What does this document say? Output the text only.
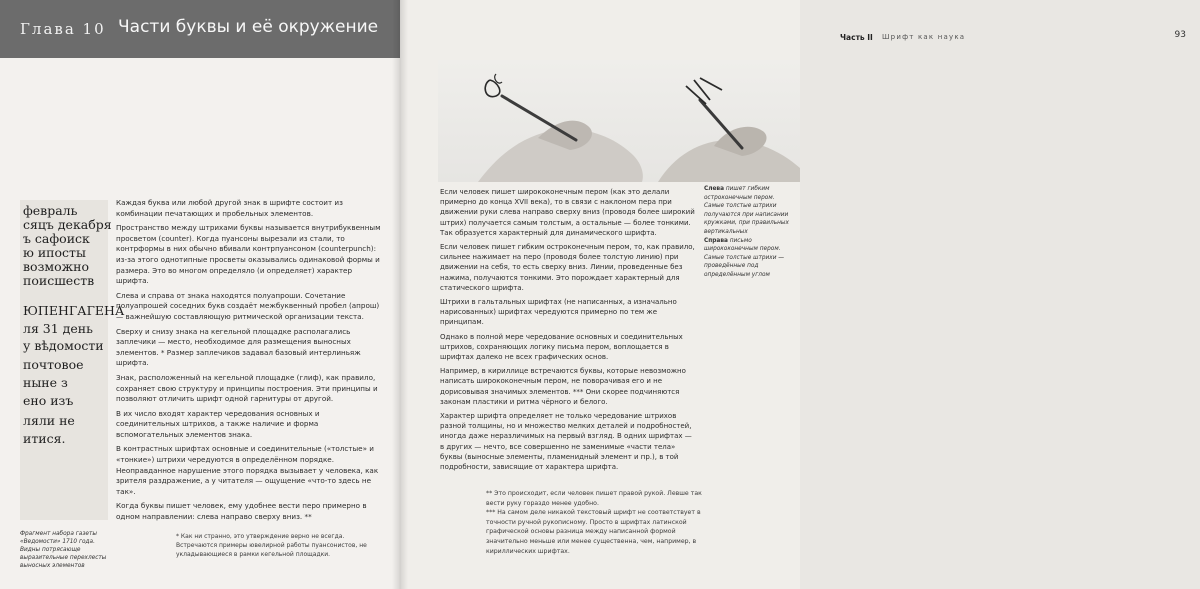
Глава 10 Части буквы и её окружение
февраль
сяцъ декабря
ъ сафоиск
ю ипосты
возможно
поисшеств
ЮПЕНГАГЕНА
ля 31 день
у вѣдомости
почтовое
ныне з
ено изъ
ляли не
итися.
Фрагмент набора газеты «Ведомости» 1710 года. Видны потрясающе выразительные перехлесты выносных элементов

Каждая буква или любой другой знак в шрифте состоит из комбинации печатающих и пробельных элементов.

Пространство между штрихами буквы называется внутрибуквенным просветом (counter). Когда пуансоны вырезали из стали, то контрформы в них обычно вбивали контрпуансоном (counterpunch): из-за этого однотипные просветы оказывались одинаковой формы и размера. Это во многом определяло (и определяет) характер шрифта.

Слева и справа от знака находятся полуапроши. Сочетание полуапрошей соседних букв создаёт межбуквенный пробел (апрош) — важнейшую составляющую ритмической организации текста.

Сверху и снизу знака на кегельной площадке располагались заплечики — место, необходимое для размещения выносных элементов. * Размер заплечиков задавал базовый интерлиньяж шрифта.

Знак, расположенный на кегельной площадке (глиф), как правило, сохраняет свою структуру и принципы построения. Эти принципы и позволяют отличить шрифт одной гарнитуры от другой.

В их число входят характер чередования основных и соединительных штрихов, а также наличие и форма вспомогательных элементов знака.

В контрастных шрифтах основные и соединительные («толстые» и «тонкие») штрихи чередуются в определённом порядке. Неоправданное нарушение этого порядка вызывает у человека, как зрителя раздражение, а у читателя — ощущение «что-то здесь не так».

Когда буквы пишет человек, ему удобнее вести перо примерно в одном направлении: слева направо сверху вниз. **

* Как ни странно, это утверждение верно не всегда. Встречаются примеры ювелирной работы пуансонистов, не укладывающиеся в рамки кегельной площадки.
Часть II Шрифт как наука	93

Если человек пишет ширококонечным пером (как это делали примерно до конца XVII века), то в связи с наклоном пера при движении руки слева направо сверху вниз (проводя более широкий штрих) получается самым толстым, а остальные — более тонкими. Так образуется характерный для динамического шрифта.

Если человек пишет гибким остроконечным пером, то, как правило, сильнее нажимает на перо (проводя более толстую линию) при движении на себя, то есть сверху вниз. Линии, проведенные без нажима, получаются тонкими. Это порождает характерный для статического шрифта.

Штрихи в гальтальных шрифтах (не написанных, а изначально нарисованных) шрифтах чередуются примерно по тем же принципам.

Однако в полной мере чередование основных и соединительных штрихов, сохраняющих логику письма пером, воплощается в шрифтах далеко не всех графических основ.

Например, в кириллице встречаются буквы, которые невозможно написать ширококонечным пером, не поворачивая его и не дорисовывая значимых элементов. *** Они скорее подчиняются законам пластики и ритма чёрного и белого.

Характер шрифта определяет не только чередование штрихов разной толщины, но и множество мелких деталей и подробностей, иногда даже неразличимых на первый взгляд. В одних шрифтах — в других — нечто, все совершенно не заменимые «части тела» буквы (выносные элементы, пламенидный элемент и пр.), в той подробности, зависящие от характера шрифта.

Слева пишет гибким остроконечным пером. Самые толстые штрихи получаются при написании кружками, при правильных вертикальных
Справа письмо ширококонечным пером. Самые толстые штрихи — проведённые под определённым углом

** Это происходит, если человек пишет правой рукой. Левше так вести руку гораздо менее удобно.

*** На самом деле никакой текстовый шрифт не соответствует в точности ручной рукописному. Просто в шрифтах латинской графической основы разница между написанной формой значительно меньше или менее существенна, чем, например, в кириллических шрифтах.
